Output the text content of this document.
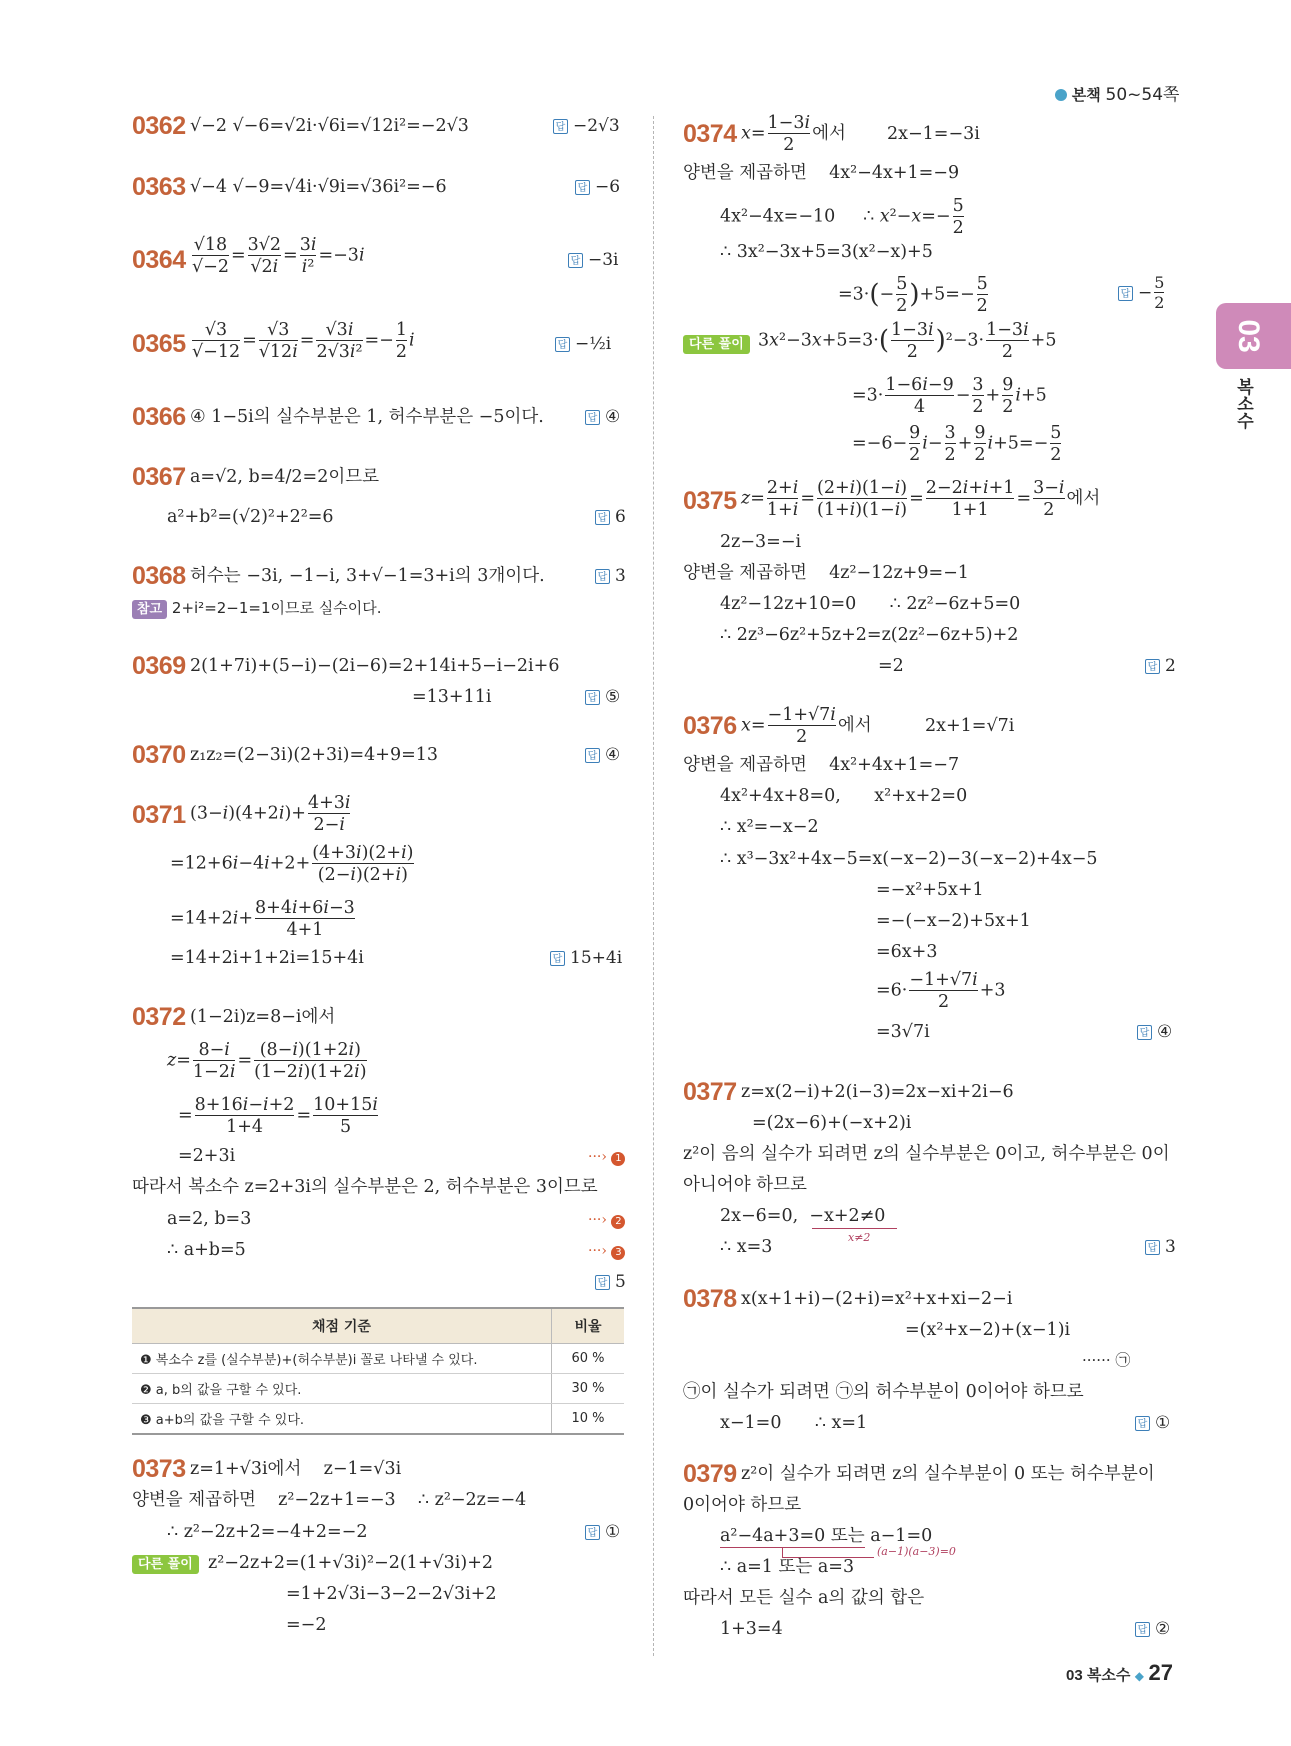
본책 50~54쪽
03
복소수
0362 √−2 √−6=√2i·√6i=√12i²=−2√3	답 −2√3
0363 √−4 √−9=√4i·√9i=√36i²=−6	답 −6
$0364 \frac{√18}{√-2} = \frac{3√2}{√2i} = \frac{3i}{\text{i²}} =-3i$	답 −3i
$0365 \frac{√3}{√-12} = \frac{√3}{√12i} = \frac{√3i}{\text{2√3i²}} =- \frac{1}{2}$ i	답 −½i
0366 ④ 1−5i의 실수부분은 1, 허수부분은 −5이다.	답 ④
0367 a=√2, b=4/2=2이므로
a²+b²=(√2)²+2²=6	답 6
0368 허수는 −3i, −1−i, 3+√−1=3+i의 3개이다.	답 3
참고 2+i²=2−1=1이므로 실수이다.
0369 2(1+7i)+(5−i)−(2i−6)=2+14i+5−i−2i+6
=13+11i	답 ⑤
0370 z₁z₂=(2−3i)(2+3i)=4+9=13	답 ④
0371 $(3-i)(4+2i)+ \frac{4+3i}{2-i}$
$=12+6i-4i+2+ \frac{(4+3i)(2+i)}{(2-i)(2+i)}$
$=14+2i+ \frac{8+4i+6i-3}{4+1}$
=14+2i+1+2i=15+4i	답 15+4i
0372 (1−2i)z=8−i에서
$z= \frac{8-i}{1-2i} = \frac{(8-i)(1+2i)}{(1-2i)(1+2i)}$
= $\frac{8+16i-i+2}{1+4} = \frac{10+15i}{5}$
=2+3i	···› 1
따라서 복소수 z=2+3i의 실수부분은 2, 허수부분은 3이므로
a=2, b=3	···› 2
∴ a+b=5	···› 3
답 5
채점 기준	비율
❶ 복소수 z를 (실수부분)+(허수부분)i 꼴로 나타낼 수 있다.	60 %
❷ a, b의 값을 구할 수 있다.	30 %
❸ a+b의 값을 구할 수 있다.	10 %
0373 z=1+√3i에서    z−1=√3i
양변을 제곱하면    z²−2z+1=−3    ∴ z²−2z=−4
∴ z²−2z+2=−4+2=−2	답 ①
다른 풀이 z²−2z+2=(1+√3i)²−2(1+√3i)+2
=1+2√3i−3−2−2√3i+2
=−2
0374 $x= \frac{1-3i}{2}$ 에서 2x−1=−3i
양변을 제곱하면    4x²−4x+1=−9
4x²−4x=−10     ∴ $x^2-x=- \frac{5}{2}$
∴ 3x²−3x+5=3(x²−x)+5
$=3\cdot(- \frac{5}{2} )+5=- \frac{5}{2}$	답 − $\frac{5}{2}$
다른 풀이 $3x^2-3x+5=3\cdot( \frac{1-3i}{2} )^2-3\cdot \frac{1-3i}{2} +5$
$=3\cdot \frac{1-6i-9}{4} - \frac{3}{2} + \frac{9}{2} i+5$
$=-6- \frac{9}{2} i- \frac{3}{2} + \frac{9}{2} i+5=- \frac{5}{2}$
0375 $z= \frac{2+i}{1+i} = \frac{(2+i)(1-i)}{(1+i)(1-i)} = \frac{2-2i+i+1}{1+1} = \frac{3-i}{2}$ 에서
2z−3=−i
양변을 제곱하면    4z²−12z+9=−1
4z²−12z+10=0      ∴ 2z²−6z+5=0
∴ 2z³−6z²+5z+2=z(2z²−6z+5)+2
=2	답 2
0376 $x= \frac{-1+√7i}{2}$ 에서	2x+1=√7i
양변을 제곱하면    4x²+4x+1=−7
4x²+4x+8=0,      x²+x+2=0
∴ x²=−x−2
∴ x³−3x²+4x−5=x(−x−2)−3(−x−2)+4x−5
=−x²+5x+1
=−(−x−2)+5x+1
=6x+3
$=6\cdot \frac{-1+√7i}{2} +3$
=3√7i	답 ④
0377 z=x(2−i)+2(i−3)=2x−xi+2i−6
=(2x−6)+(−x+2)i
z²이 음의 실수가 되려면 z의 실수부분은 0이고, 허수부분은 0이
아니어야 하므로
2x−6=0,  −x+2≠0
x≠2
∴ x=3	답 3
0378 x(x+1+i)−(2+i)=x²+x+xi−2−i
=(x²+x−2)+(x−1)i
······ ㉠
㉠이 실수가 되려면 ㉠의 허수부분이 0이어야 하므로
x−1=0      ∴ x=1	답 ①
0379 z²이 실수가 되려면 z의 실수부분이 0 또는 허수부분이
0이어야 하므로
a²−4a+3=0 또는 a−1=0
(a−1)(a−3)=0
∴ a=1 또는 a=3
따라서 모든 실수 a의 값의 합은
1+3=4	답 ②
03 복소수 ◆ 27
